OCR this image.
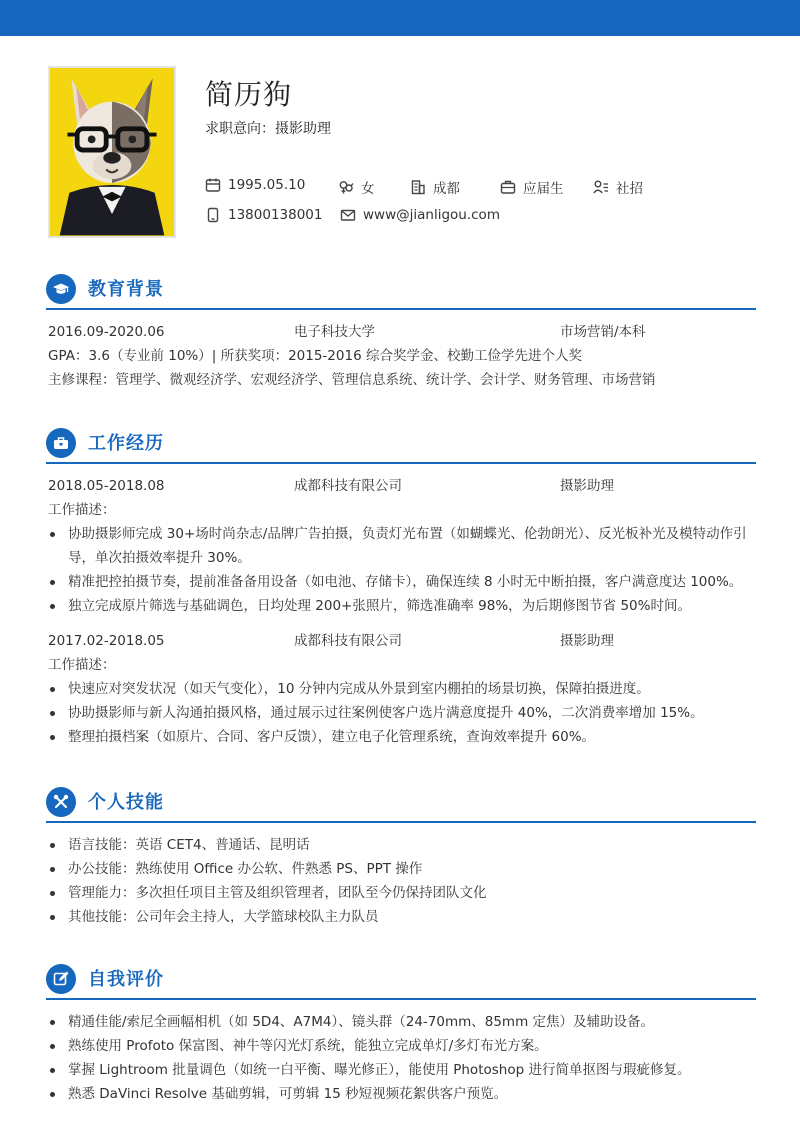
简历狗
求职意向：摄影助理
1995.05.10	女	成都	应届生	社招
13800138001	www@jianligou.com
教育背景
2016.09-2020.06	电子科技大学	市场营销/本科
GPA：3.6（专业前 10%）| 所获奖项：2015-2016 综合奖学金、校勤工俭学先进个人奖
主修课程：管理学、微观经济学、宏观经济学、管理信息系统、统计学、会计学、财务管理、市场营销
工作经历
2018.05-2018.08	成都科技有限公司	摄影助理
工作描述：
协助摄影师完成 30+场时尚杂志/品牌广告拍摄，负责灯光布置（如蝴蝶光、伦勃朗光）、反光板补光及模特动作引导，单次拍摄效率提升 30%。
精准把控拍摄节奏，提前准备备用设备（如电池、存储卡），确保连续 8 小时无中断拍摄，客户满意度达 100%。
独立完成原片筛选与基础调色，日均处理 200+张照片，筛选准确率 98%，为后期修图节省 50%时间。
2017.02-2018.05	成都科技有限公司	摄影助理
工作描述：
快速应对突发状况（如天气变化），10 分钟内完成从外景到室内棚拍的场景切换，保障拍摄进度。
协助摄影师与新人沟通拍摄风格，通过展示过往案例使客户选片满意度提升 40%，二次消费率增加 15%。
整理拍摄档案（如原片、合同、客户反馈），建立电子化管理系统，查询效率提升 60%。
个人技能
语言技能：英语 CET4、普通话、昆明话
办公技能：熟练使用 Office 办公软、件熟悉 PS、PPT 操作
管理能力：多次担任项目主管及组织管理者，团队至今仍保持团队文化
其他技能：公司年会主持人，大学篮球校队主力队员
自我评价
精通佳能/索尼全画幅相机（如 5D4、A7M4）、镜头群（24-70mm、85mm 定焦）及辅助设备。
熟练使用 Profoto 保富图、神牛等闪光灯系统，能独立完成单灯/多灯布光方案。
掌握 Lightroom 批量调色（如统一白平衡、曝光修正），能使用 Photoshop 进行简单抠图与瑕疵修复。
熟悉 DaVinci Resolve 基础剪辑，可剪辑 15 秒短视频花絮供客户预览。
